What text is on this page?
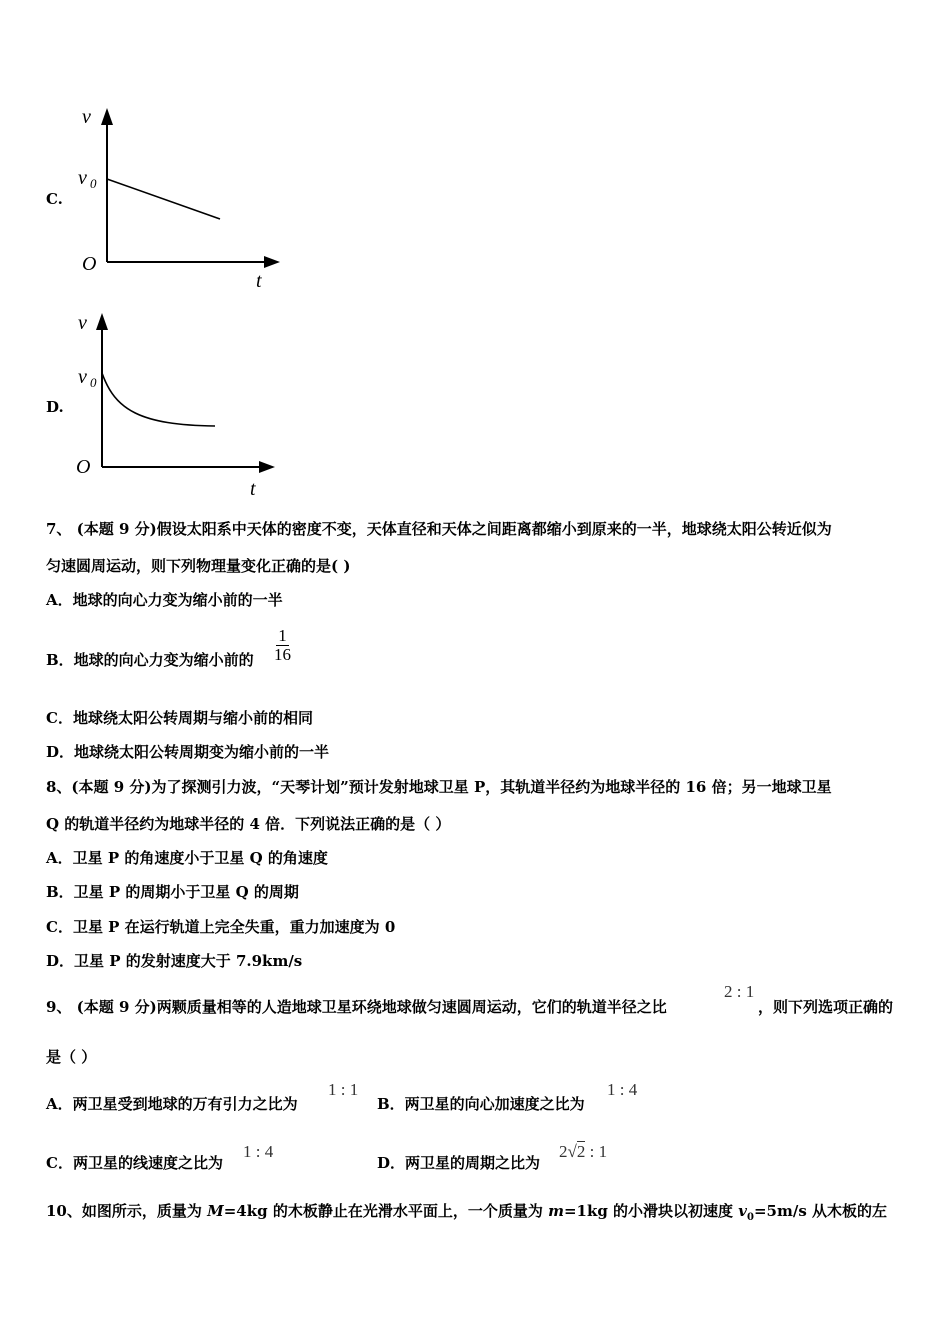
C.
v
v 0
O
t
D.
v
v 0
O
t
7、 (本题 9 分)假设太阳系中天体的密度不变，天体直径和天体之间距离都缩小到原来的一半，地球绕太阳公转近似为
匀速圆周运动，则下列物理量变化正确的是( )
A．地球的向心力变为缩小前的一半
B．地球的向心力变为缩小前的 $\frac{1}{16}$
C．地球绕太阳公转周期与缩小前的相同
D．地球绕太阳公转周期变为缩小前的一半
8、(本题 9 分)为了探测引力波，“天琴计划”预计发射地球卫星 P，其轨道半径约为地球半径的 16 倍；另一地球卫星
Q 的轨道半径约为地球半径的 4 倍．下列说法正确的是（ ）
A．卫星 P 的角速度小于卫星 Q 的角速度
B．卫星 P 的周期小于卫星 Q 的周期
C．卫星 P 在运行轨道上完全失重，重力加速度为 0
D．卫星 P 的发射速度大于 7.9km/s
9、 (本题 9 分)两颗质量相等的人造地球卫星环绕地球做匀速圆周运动，它们的轨道半径之比
2 : 1
，则下列选项正确的
是（ ）
A．两卫星受到地球的万有引力之比为
1 : 1
B．两卫星的向心加速度之比为
1 : 4
C．两卫星的线速度之比为
1 : 4
D．两卫星的周期之比为
2√2 : 1
10、如图所示，质量为 M=4kg 的木板静止在光滑水平面上，一个质量为 m=1kg 的小滑块以初速度 $v_0=5m/s$ 从木板的左
